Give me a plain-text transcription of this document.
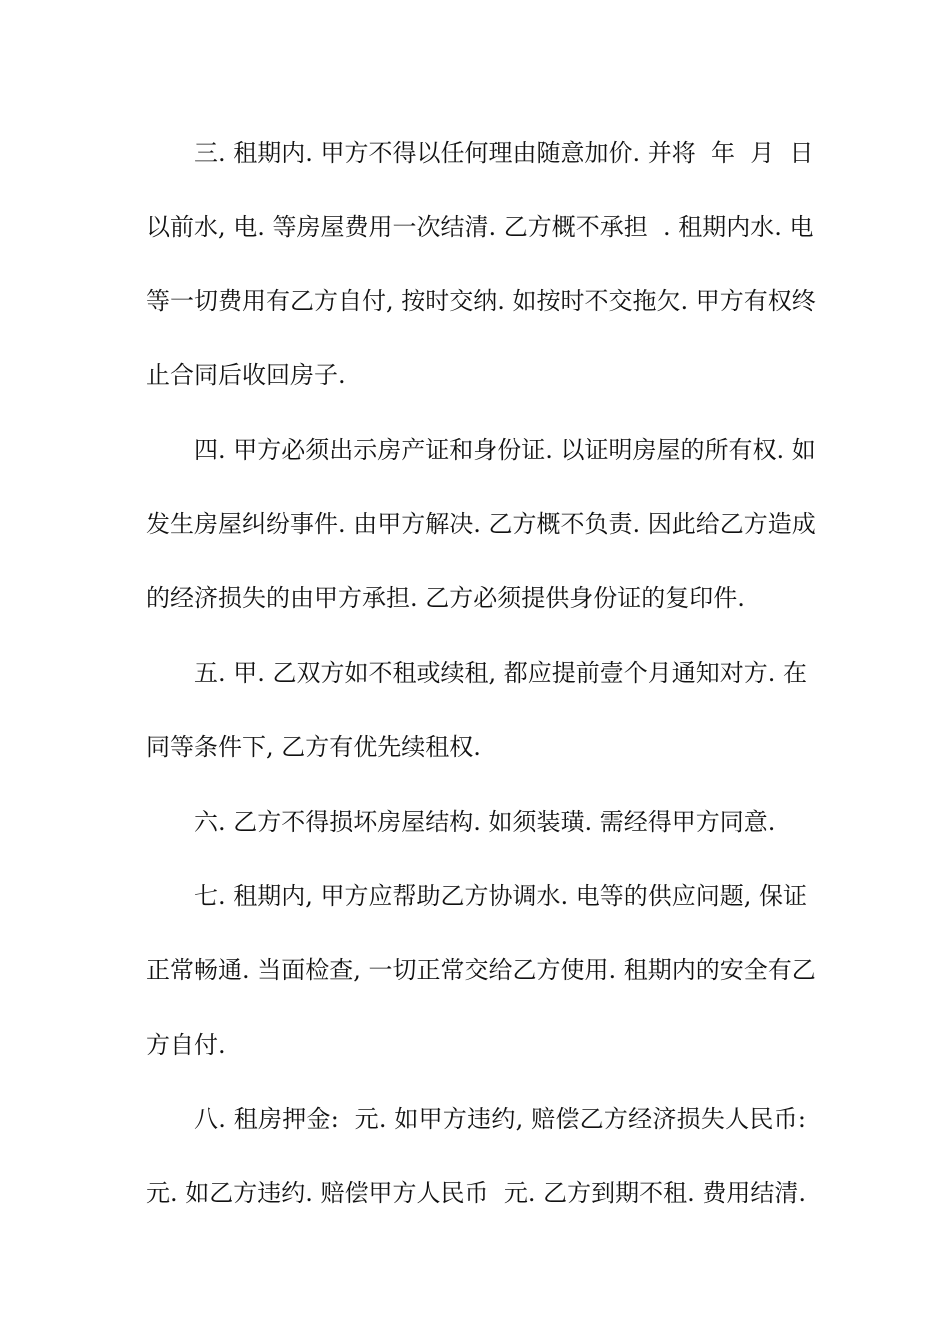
三. 租期内. 甲方不得以任何理由随意加价. 并将  年  月  日

以前水, 电. 等房屋费用一次结清. 乙方概不承担  . 租期内水. 电

等一切费用有乙方自付, 按时交纳. 如按时不交拖欠. 甲方有权终

止合同后收回房子.

四. 甲方必须出示房产证和身份证. 以证明房屋的所有权. 如

发生房屋纠纷事件. 由甲方解决. 乙方概不负责. 因此给乙方造成

的经济损失的由甲方承担. 乙方必须提供身份证的复印件.

五. 甲. 乙双方如不租或续租, 都应提前壹个月通知对方. 在

同等条件下, 乙方有优先续租权.

六. 乙方不得损坏房屋结构. 如须装璜. 需经得甲方同意.

七. 租期内, 甲方应帮助乙方协调水. 电等的供应问题, 保证

正常畅通. 当面检查, 一切正常交给乙方使用. 租期内的安全有乙

方自付.

八. 租房押金:  元. 如甲方违约, 赔偿乙方经济损失人民币:

元. 如乙方违约. 赔偿甲方人民币  元. 乙方到期不租. 费用结清.
